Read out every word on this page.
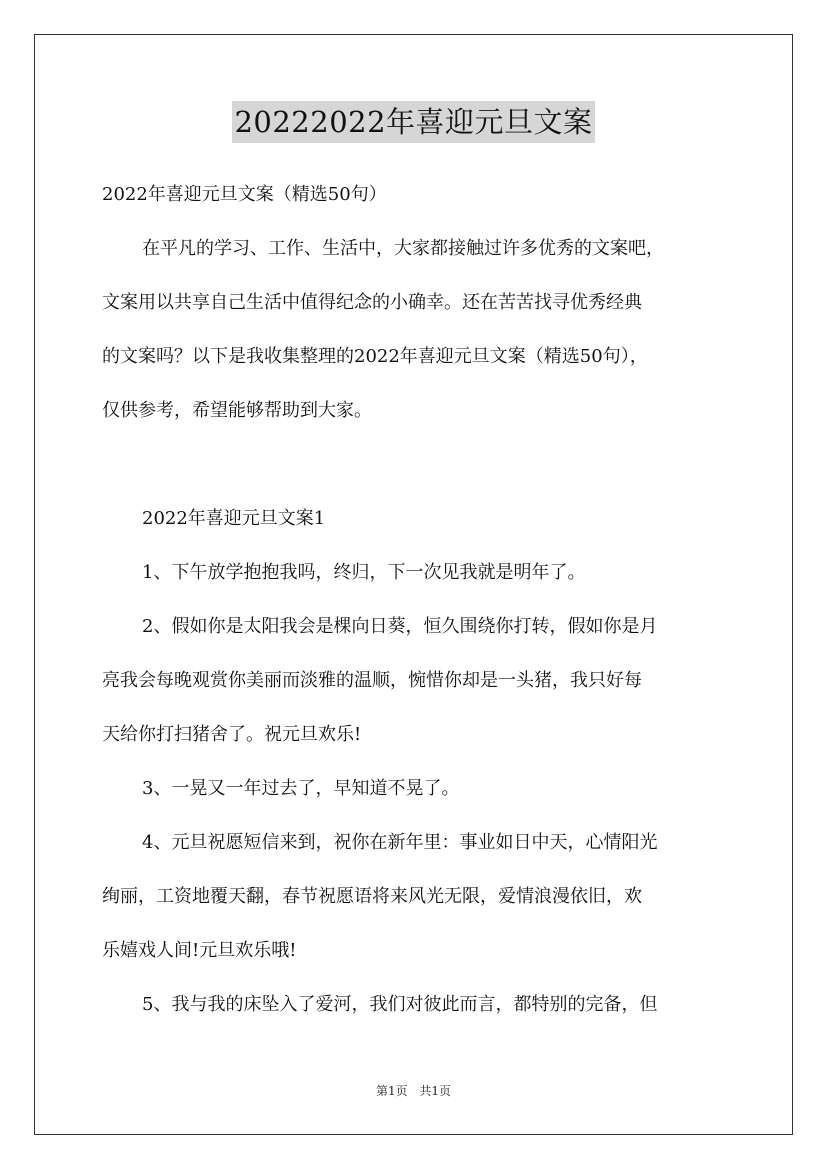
20222022年喜迎元旦文案
2022年喜迎元旦文案（精选50句）
在平凡的学习、工作、生活中，大家都接触过许多优秀的文案吧，
文案用以共享自己生活中值得纪念的小确幸。还在苦苦找寻优秀经典
的文案吗？以下是我收集整理的2022年喜迎元旦文案（精选50句），
仅供参考，希望能够帮助到大家。
2022年喜迎元旦文案1
1、下午放学抱抱我吗，终归，下一次见我就是明年了。
2、假如你是太阳我会是棵向日葵，恒久围绕你打转，假如你是月
亮我会每晚观赏你美丽而淡雅的温顺，惋惜你却是一头猪，我只好每
天给你打扫猪舍了。祝元旦欢乐!
3、一晃又一年过去了，早知道不晃了。
4、元旦祝愿短信来到，祝你在新年里：事业如日中天，心情阳光
绚丽，工资地覆天翻，春节祝愿语将来风光无限，爱情浪漫依旧，欢
乐嬉戏人间!元旦欢乐哦!
5、我与我的床坠入了爱河，我们对彼此而言，都特别的完备，但
第1页 共1页
